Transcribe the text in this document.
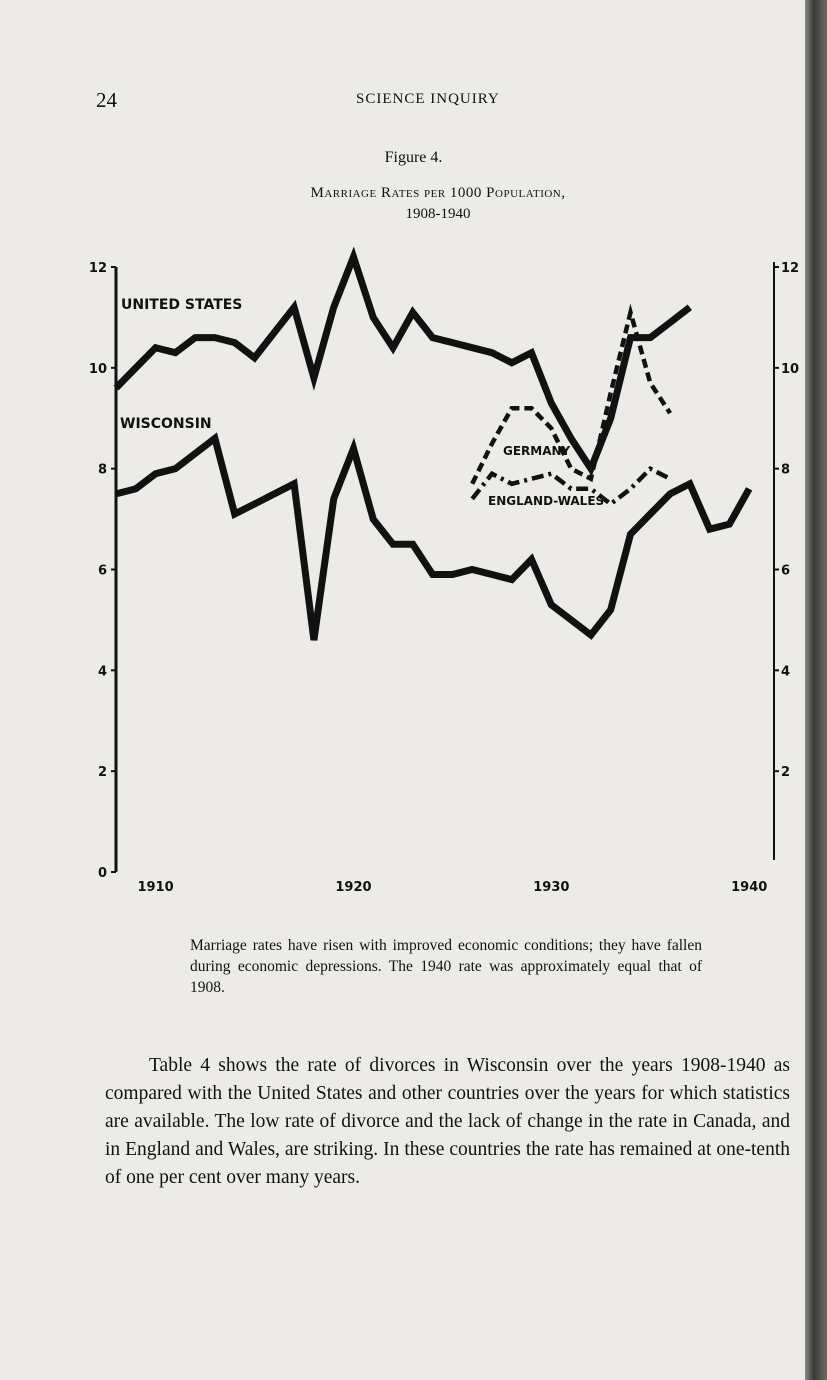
24	SCIENCE INQUIRY
Figure 4.
Marriage Rates per 1000 Population,
1908-1940
0
2
4
6
8
10
12
2
4
6
8
10
12
1910	1920	1930	1940
UNITED STATES
WISCONSIN
GERMANY
ENGLAND-WALES
Marriage rates have risen with improved economic conditions; they have fallen during economic depressions. The 1940 rate was approximately equal that of 1908.
Table 4 shows the rate of divorces in Wisconsin over the years 1908-1940 as compared with the United States and other countries over the years for which statistics are available. The low rate of divorce and the lack of change in the rate in Canada, and in England and Wales, are striking. In these countries the rate has remained at one-tenth of one per cent over many years.
